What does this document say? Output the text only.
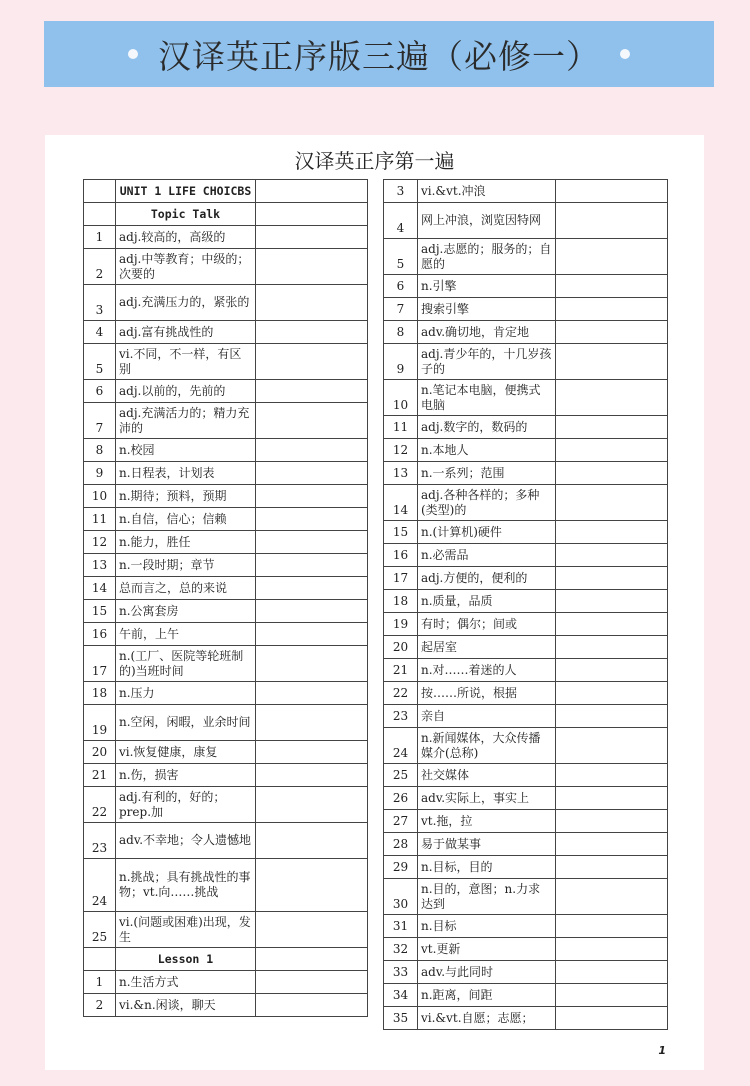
汉译英正序版三遍（必修一）
汉译英正序第一遍
	UNIT 1 LIFE CHOICBS	
	Topic Talk	
1	adj.较高的，高级的	
2	adj.中等教育；中级的；次要的	
3	adj.充满压力的，紧张的	
4	adj.富有挑战性的	
5	vi.不同，不一样，有区别	
6	adj.以前的，先前的	
7	adj.充满活力的；精力充沛的	
8	n.校园	
9	n.日程表，计划表	
10	n.期待；预料，预期	
11	n.自信，信心；信赖	
12	n.能力，胜任	
13	n.一段时期；章节	
14	总而言之，总的来说	
15	n.公寓套房	
16	午前，上午	
17	n.(工厂、医院等轮班制的)当班时间	
18	n.压力	
19	n.空闲，闲暇，业余时间	
20	vi.恢复健康，康复	
21	n.伤，损害	
22	adj.有利的，好的；prep.加	
23	adv.不幸地；令人遗憾地	
24	n.挑战；具有挑战性的事物；vt.向……挑战	
25	vi.(问题或困难)出现，发生	
	Lesson 1	
1	n.生活方式	
2	vi.&n.闲谈，聊天	
3	vi.&vt.冲浪	
4	网上冲浪，浏览因特网	
5	adj.志愿的；服务的；自愿的	
6	n.引擎	
7	搜索引擎	
8	adv.确切地，肯定地	
9	adj.青少年的，十几岁孩子的	
10	n.笔记本电脑，便携式电脑	
11	adj.数字的，数码的	
12	n.本地人	
13	n.一系列；范围	
14	adj.各种各样的；多种(类型)的	
15	n.(计算机)硬件	
16	n.必需品	
17	adj.方便的，便利的	
18	n.质量，品质	
19	有时；偶尔；间或	
20	起居室	
21	n.对……着迷的人	
22	按……所说，根据	
23	亲自	
24	n.新闻媒体，大众传播媒介(总称)	
25	社交媒体	
26	adv.实际上，事实上	
27	vt.拖，拉	
28	易于做某事	
29	n.目标，目的	
30	n.目的，意图；n.力求达到	
31	n.目标	
32	vt.更新	
33	adv.与此同时	
34	n.距离，间距	
35	vi.&vt.自愿；志愿；	
1
